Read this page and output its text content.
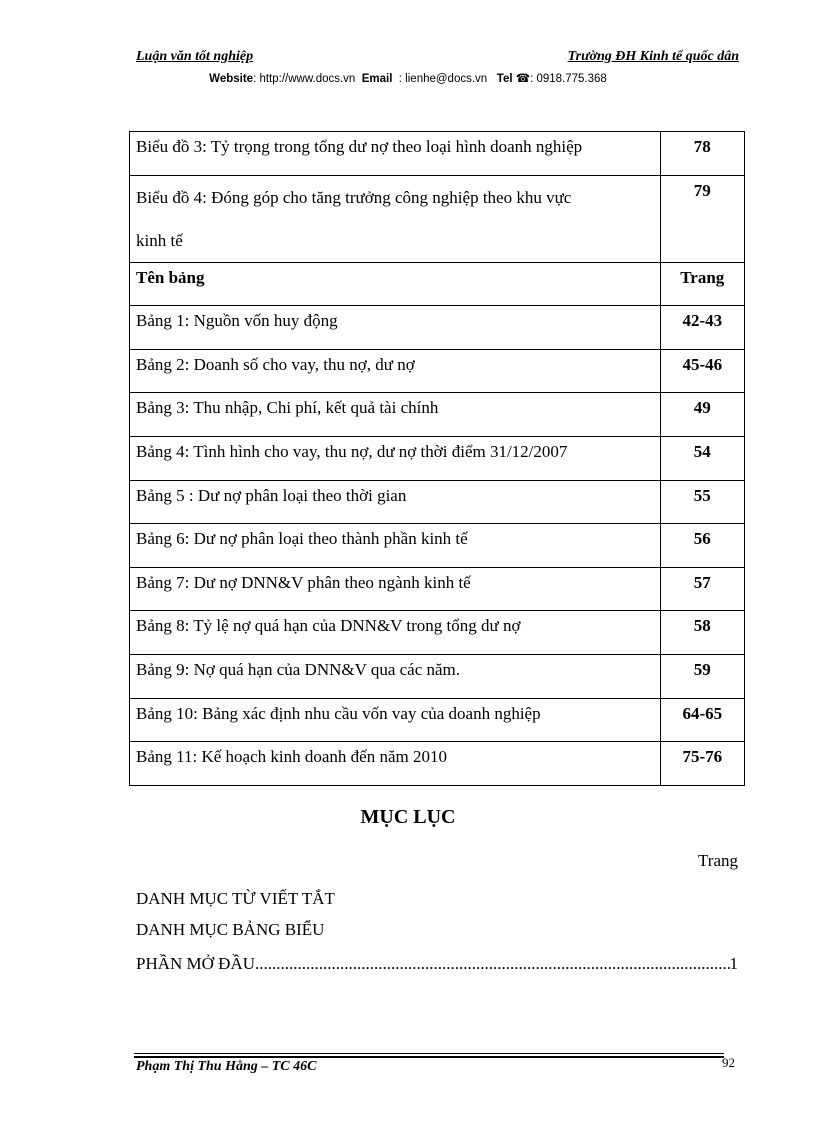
Luận văn tốt nghiệp	Trường ĐH Kinh tế quốc dân
Website: http://www.docs.vn Email : lienhe@docs.vn Tel ☎: 0918.775.368
Biểu đồ 3: Tỷ trọng trong tổng dư nợ theo loại hình doanh nghiệp	78

Biểu đồ 4: Đóng góp cho tăng trưởng công nghiệp theo khu vực
kinh tế	79

Tên bảng	Trang

Bảng 1: Nguồn vốn huy động	42-43

Bảng 2: Doanh số cho vay, thu nợ, dư nợ	45-46

Bảng 3: Thu nhập, Chi phí, kết quả tài chính	49

Bảng 4: Tình hình cho vay, thu nợ, dư nợ thời điểm 31/12/2007	54

Bảng 5 : Dư nợ phân loại theo thời gian	55

Bảng 6: Dư nợ phân loại theo thành phần kinh tế	56

Bảng 7: Dư nợ DNN&V phân theo ngành kinh tế	57

Bảng 8: Tỷ lệ nợ quá hạn của DNN&V trong tổng dư nợ	58

Bảng 9: Nợ quá hạn của DNN&V qua các năm.	59

Bảng 10: Bảng xác định nhu cầu vốn vay của doanh nghiệp	64-65

Bảng 11: Kế hoạch kinh doanh đến năm 2010	75-76
MỤC LỤC
Trang
DANH MỤC TỪ VIẾT TẮT
DANH MỤC BẢNG BIỂU
PHẦN MỞ ĐẦU .....	1
Phạm Thị Thu Hằng – TC 46C	92
